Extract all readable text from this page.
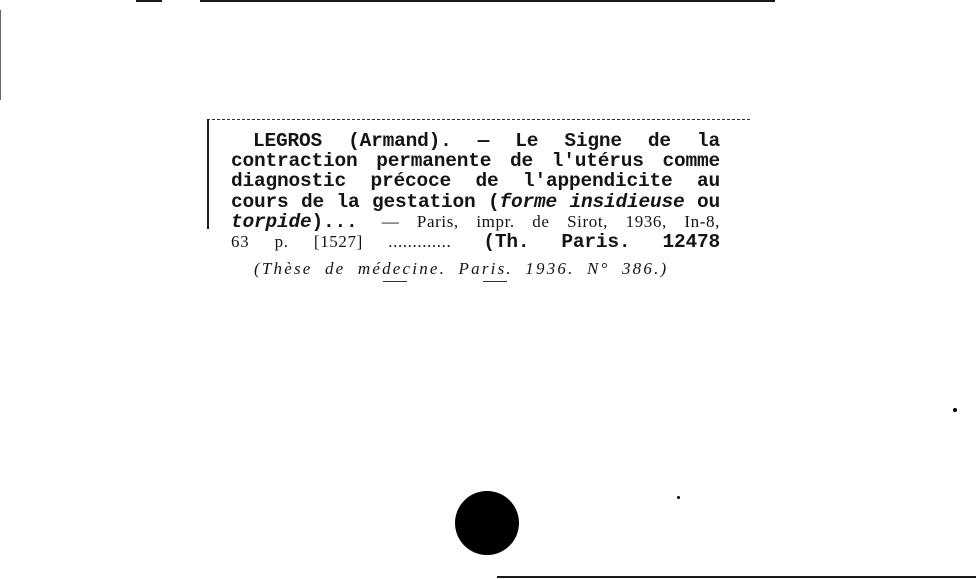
LEGROS (Armand). — Le Signe de la
contraction permanente de l'utérus comme
diagnostic précoce de l'appendicite au
cours de la gestation (forme insidieuse ou
torpide)... — Paris, impr. de Sirot, 1936, In-8,
63 p. [1527] ............. (Th. Paris. 12478
(Thèse de médecine. Paris. 1936. N° 386.)
